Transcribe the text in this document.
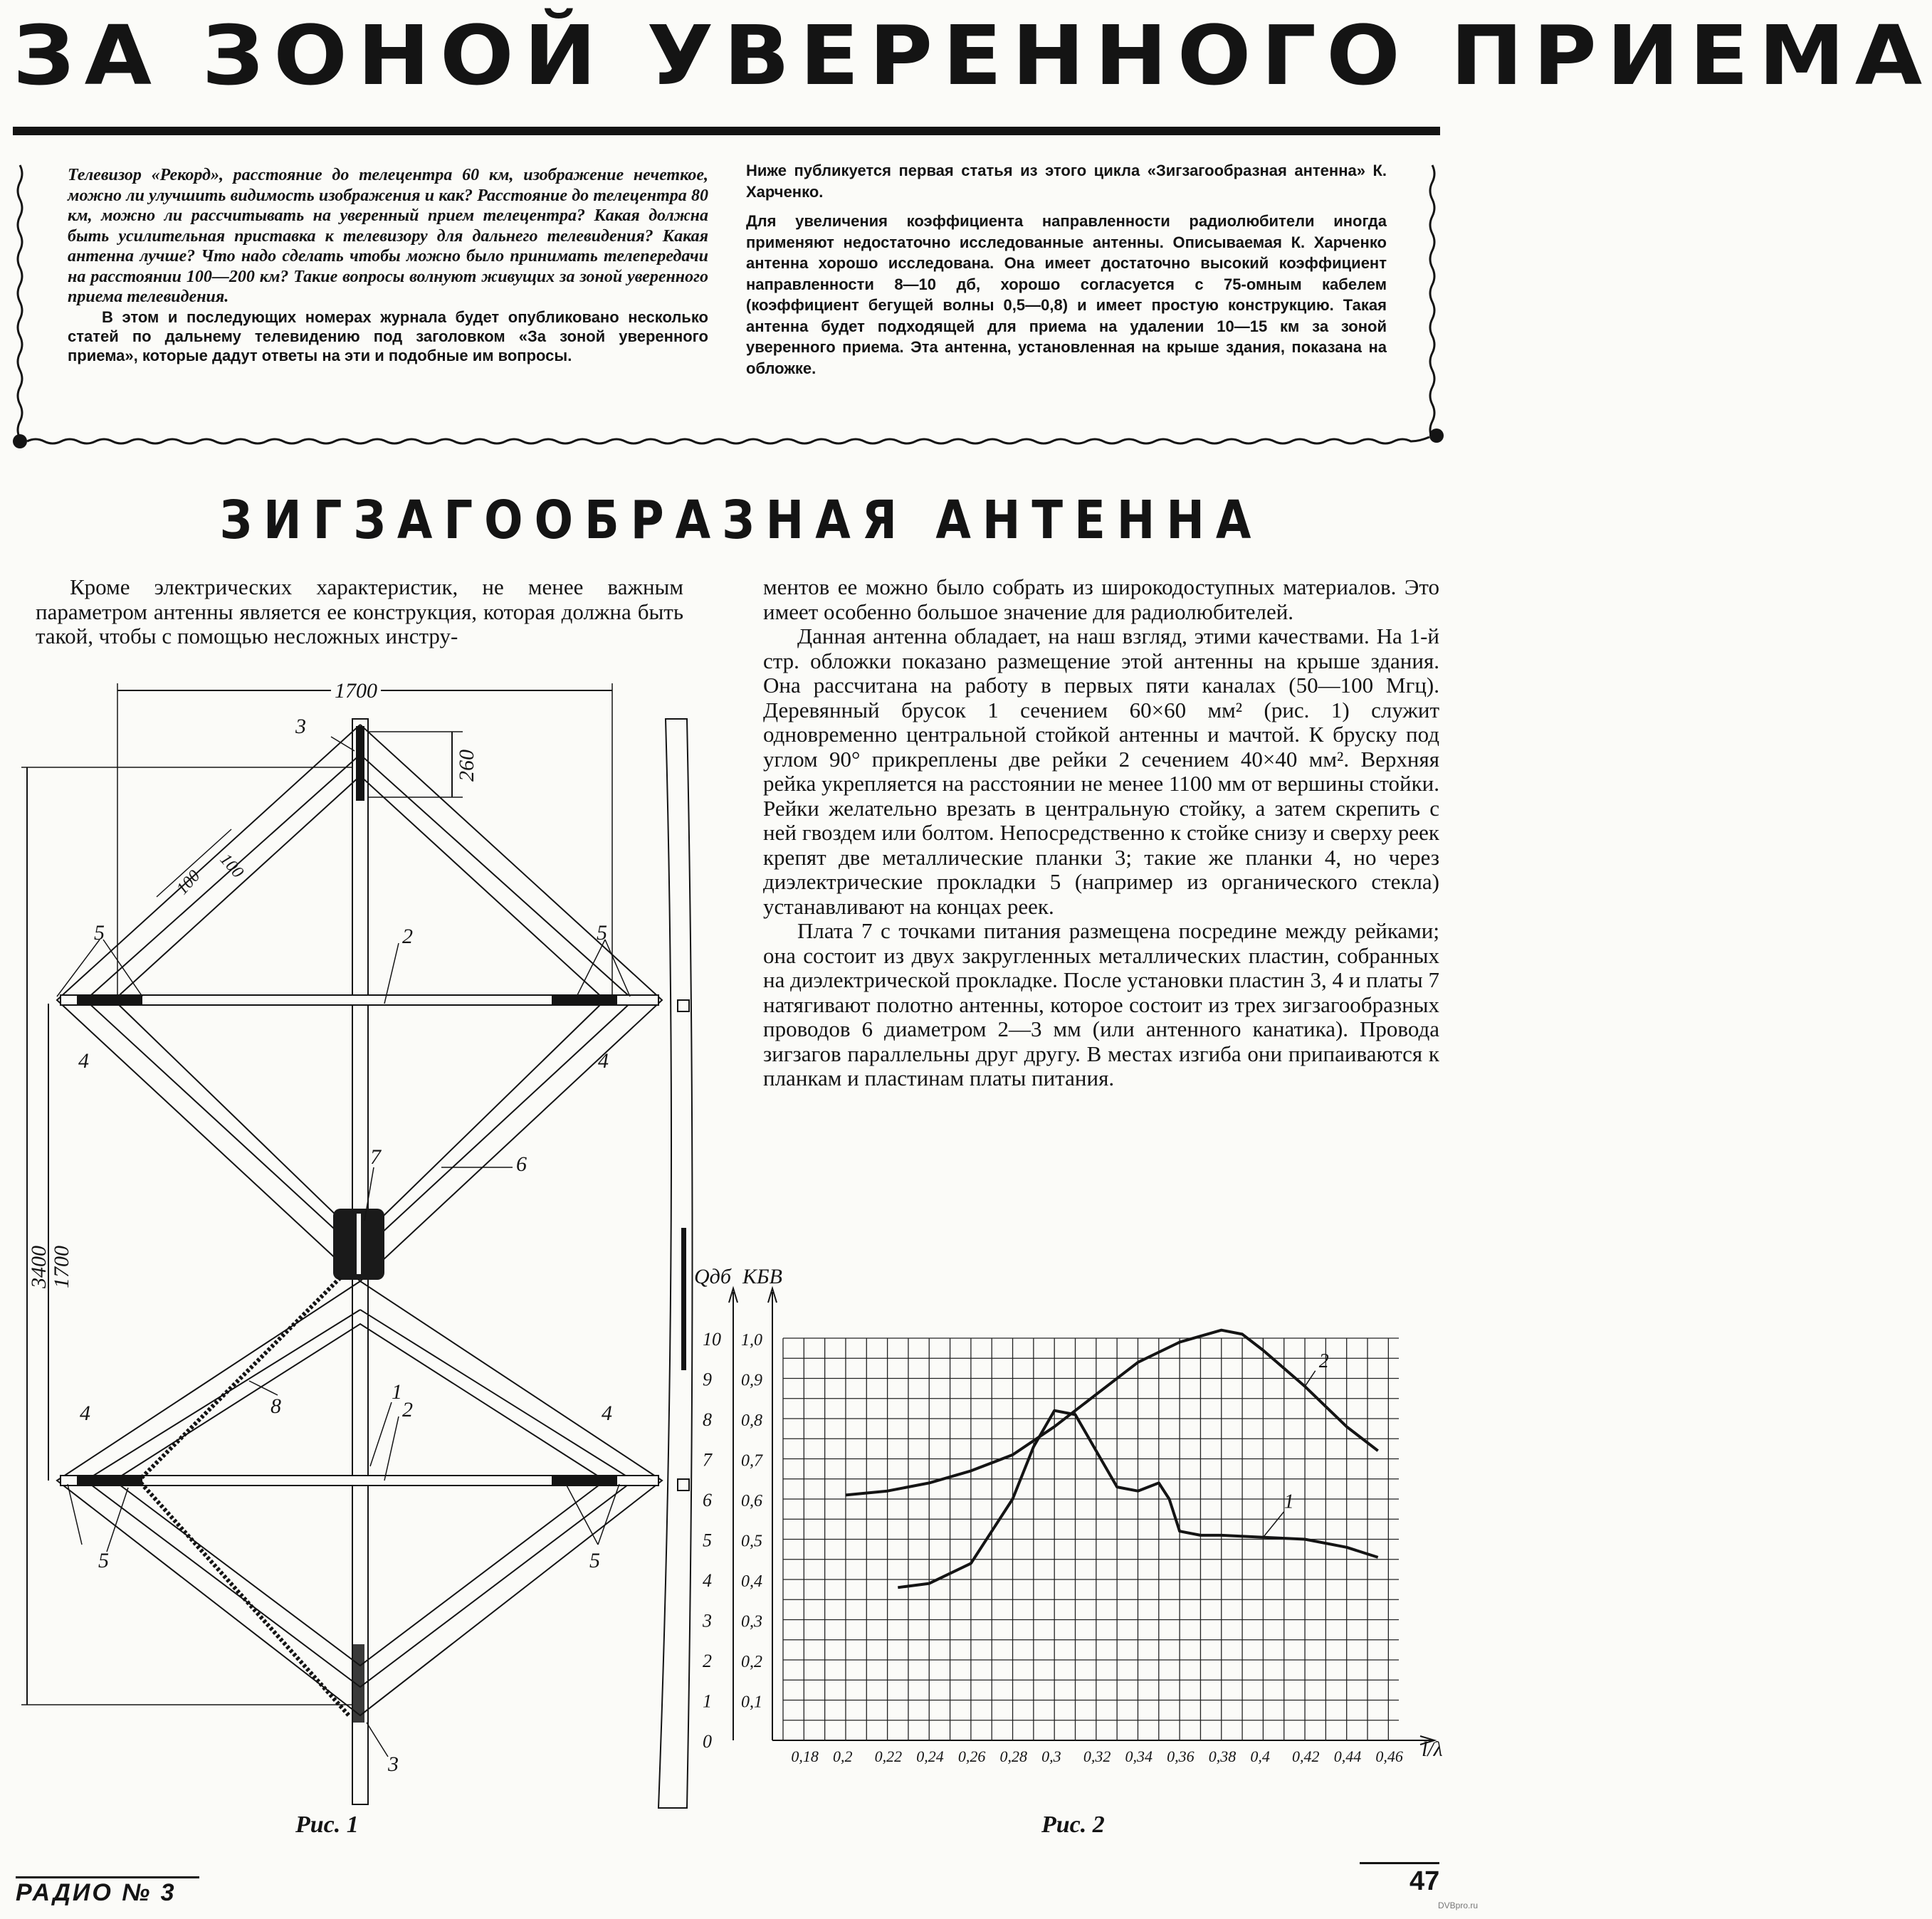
ЗА ЗОНОЙ УВЕРЕННОГО ПРИЕМА
Телевизор «Рекорд», расстояние до телецентра 60 км, изображение нечеткое, можно ли улучшить видимость изображения и как? Расстояние до телецентра 80 км, можно ли рассчитывать на уверенный прием телецентра? Какая должна быть усилительная приставка к телевизору для дальнего телевидения? Какая антенна лучше? Что надо сделать чтобы можно было принимать телепередачи на расстоянии 100—200 км? Такие вопросы волнуют живущих за зоной уверенного приема телевидения.
В этом и последующих номерах журнала будет опубликовано несколько статей по дальнему телевидению под заголовком «За зоной уверенного приема», которые дадут ответы на эти и подобные им вопросы.

Ниже публикуется первая статья из этого цикла «Зигзагообразная антенна» К. Харченко.

Для увеличения коэффициента направленности радиолюбители иногда применяют недостаточно исследованные антенны. Описываемая К. Харченко антенна хорошо исследована. Она имеет достаточно высокий коэффициент направленности 8—10 дб, хорошо согласуется с 75-омным кабелем (коэффициент бегущей волны 0,5—0,8) и имеет простую конструкцию. Такая антенна будет подходящей для приема на удалении 10—15 км за зоной уверенного приема. Эта антенна, установленная на крыше здания, показана на обложке.

ЗИГЗАГООБРАЗНАЯ АНТЕННА

Кроме электрических характеристик, не менее важным параметром антенны является ее конструкция, которая должна быть такой, чтобы с помощью несложных инстру-

ментов ее можно было собрать из широкодоступных материалов. Это имеет особенно большое значение для радиолюбителей.

Данная антенна обладает, на наш взгляд, этими качествами. На 1-й стр. обложки показано размещение этой антенны на крыше здания. Она рассчитана на работу в первых пяти каналах (50—100 Мгц). Деревянный брусок 1 сечением 60×60 мм² (рис. 1) служит одновременно центральной стойкой антенны и мачтой. К бруску под углом 90° прикреплены две рейки 2 сечением 40×40 мм². Верхняя рейка укрепляется на расстоянии не менее 1100 мм от вершины стойки. Рейки желательно врезать в центральную стойку, а затем скрепить с ней гвоздем или болтом. Непосредственно к стойке снизу и сверху реек крепят две металлические планки 3; такие же планки 4, но через диэлектрические прокладки 5 (например из органического стекла) устанавливают на концах реек.

Плата 7 с точками питания размещена посредине между рейками; она состоит из двух закругленных металлических пластин, собранных на диэлектрической прокладке. После установки пластин 3, 4 и платы 7 натягивают полотно антенны, которое состоит из трех зигзагообразных проводов 6 диаметром 2—3 мм (или антенного канатика). Провода зигзагов параллельны друг другу. В местах изгиба они припаиваются к планкам и пластинам платы питания.

1700
3400 1700
260
100
100
3
2
2
5	5
4	4
4	4
5	5
7	6
1
8
3
Рис. 1
0
1
2
3
4
5
6
7
8
9
10
0,1
0,2
0,3
0,4
0,5
0,6
0,7
0,8
0,9
1,0
0,18 0,2 0,22 0,24 0,26 0,28 0,3 0,32 0,34 0,36 0,38 0,4 0,42 0,44 0,46
Qдб КБВ
l/λ
1
2
Рис. 2
РАДИО № 3	47
DVBpro.ru
